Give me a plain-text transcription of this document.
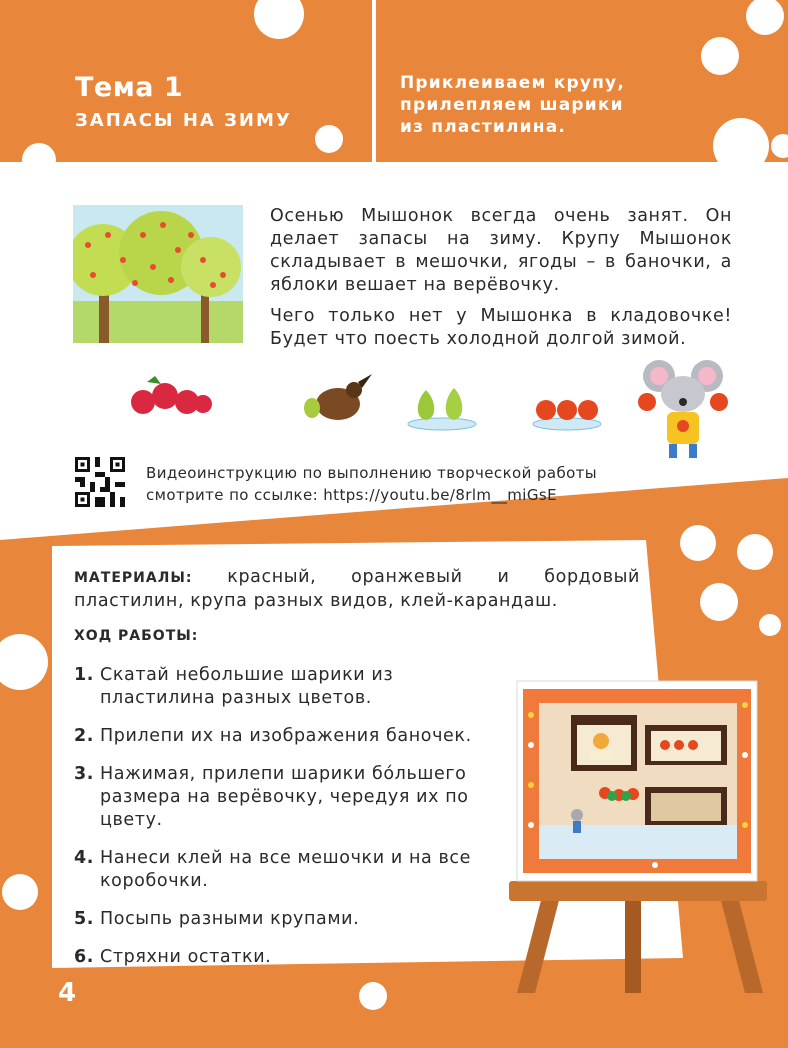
Тема 1
ЗАПАСЫ НА ЗИМУ
Приклеиваем крупу,
прилепляем шарики
из пластилина.

Осенью Мышонок всегда очень занят. Он делает запасы на зиму. Крупу Мышонок складывает в мешочки, ягоды – в баночки, а яблоки вешает на верёвочку.

Чего только нет у Мышонка в кладовочке! Будет что поесть холодной долгой зимой.

Видеоинструкцию по выполнению творческой работы
смотрите по ссылке: https://youtu.be/8rlm__miGsE
МАТЕРИАЛЫ: красный, оранжевый и бордовый пластилин, крупа разных видов, клей-карандаш.
ХОД РАБОТЫ:
1. Скатай небольшие шарики из пластилина разных цветов.
2. Прилепи их на изображения баночек.
3. Нажимая, прилепи шарики бóльшего размера на верёвочку, чередуя их по цвету.
4. Нанеси клей на все мешочки и на все коробочки.
5. Посыпь разными крупами.
6. Стряхни остатки.
4
